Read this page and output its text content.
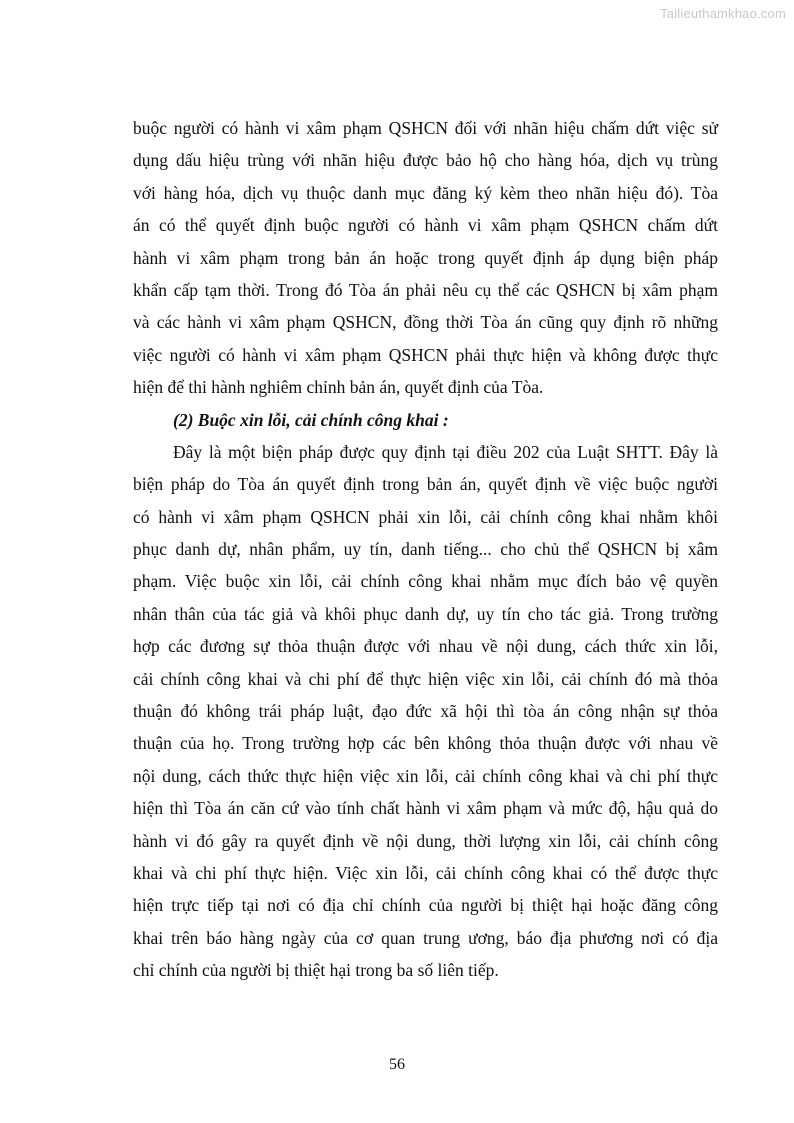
Tailieuthamkhao.com
buộc người có hành vi xâm phạm QSHCN đối với nhãn hiệu chấm dứt việc sử
dụng dấu hiệu trùng với nhãn hiệu được bảo hộ cho hàng hóa, dịch vụ trùng
với hàng hóa, dịch vụ thuộc danh mục đăng ký kèm theo nhãn hiệu đó). Tòa
án có thể quyết định buộc người có hành vi xâm phạm QSHCN chấm dứt
hành vi xâm phạm trong bản án hoặc trong quyết định áp dụng biện pháp
khẩn cấp tạm thời. Trong đó Tòa án phải nêu cụ thể các QSHCN bị xâm phạm
và các hành vi xâm phạm QSHCN, đồng thời Tòa án cũng quy định rõ những
việc người có hành vi xâm phạm QSHCN phải thực hiện và không được thực
hiện để thi hành nghiêm chỉnh bản án, quyết định của Tòa.
(2) Buộc xin lỗi, cải chính công khai :
Đây là một biện pháp được quy định tại điều 202 của Luật SHTT. Đây là
biện pháp do Tòa án quyết định trong bản án, quyết định về việc buộc người
có hành vi xâm phạm QSHCN phải xin lỗi, cải chính công khai nhằm khôi
phục danh dự, nhân phẩm, uy tín, danh tiếng... cho chủ thể QSHCN bị xâm
phạm. Việc buộc xin lỗi, cải chính công khai nhằm mục đích bảo vệ quyền
nhân thân của tác giả và khôi phục danh dự, uy tín cho tác giả. Trong trường
hợp các đương sự thỏa thuận được với nhau về nội dung, cách thức xin lỗi,
cải chính công khai và chi phí để thực hiện việc xin lỗi, cải chính đó mà thỏa
thuận đó không trái pháp luật, đạo đức xã hội thì tòa án công nhận sự thỏa
thuận của họ. Trong trường hợp các bên không thỏa thuận được với nhau về
nội dung, cách thức thực hiện việc xin lỗi, cải chính công khai và chi phí thực
hiện thì Tòa án căn cứ vào tính chất hành vi xâm phạm và mức độ, hậu quả do
hành vi đó gây ra quyết định về nội dung, thời lượng xin lỗi, cải chính công
khai và chi phí thực hiện. Việc xin lỗi, cải chính công khai có thể được thực
hiện trực tiếp tại nơi có địa chỉ chính của người bị thiệt hại hoặc đăng công
khai trên báo hàng ngày của cơ quan trung ương, báo địa phương nơi có địa
chỉ chính của người bị thiệt hại trong ba số liên tiếp.
56
